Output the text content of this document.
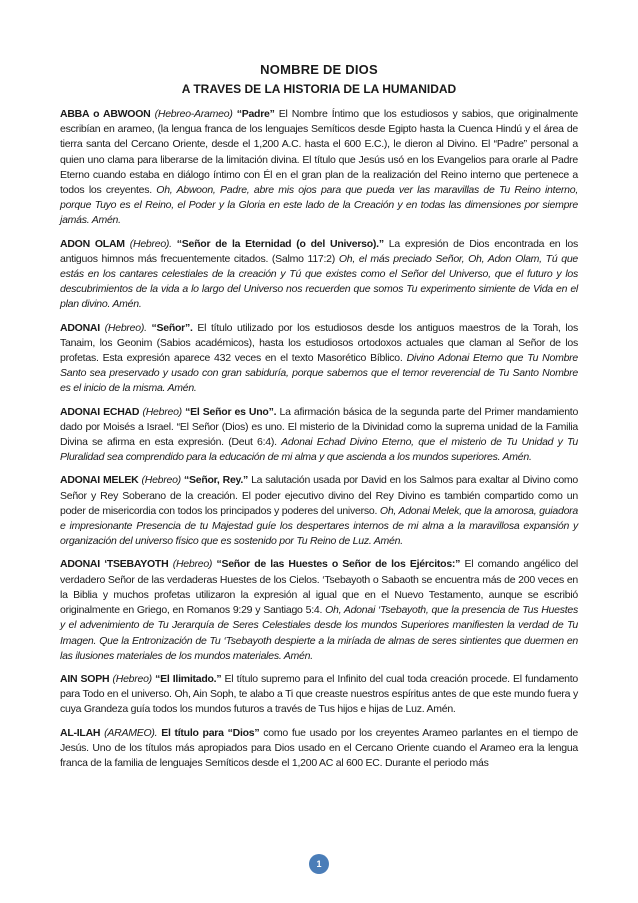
NOMBRE DE DIOS
A TRAVES DE LA HISTORIA DE LA HUMANIDAD

ABBA o ABWOON (Hebreo-Arameo) “Padre” El Nombre Íntimo que los estudiosos y sabios, que originalmente escribían en arameo, (la lengua franca de los lenguajes Semíticos desde Egipto hasta la Cuenca Hindú y el área de tierra santa del Cercano Oriente, desde el 1,200 A.C. hasta el 600 E.C.), le dieron al Divino. El “Padre” personal a quien uno clama para liberarse de la limitación divina. El título que Jesús usó en los Evangelios para orarle al Padre Eterno cuando estaba en diálogo íntimo con Él en el gran plan de la realización del Reino interno que pertenece a todos los creyentes. Oh, Abwoon, Padre, abre mis ojos para que pueda ver las maravillas de Tu Reino interno, porque Tuyo es el Reino, el Poder y la Gloria en este lado de la Creación y en todas las dimensiones por siempre jamás. Amén.

ADON OLAM (Hebreo). “Señor de la Eternidad (o del Universo).” La expresión de Dios encontrada en los antiguos himnos más frecuentemente citados. (Salmo 117:2) Oh, el más preciado Señor, Oh, Adon Olam, Tú que estás en los cantares celestiales de la creación y Tú que existes como el Señor del Universo, que el futuro y los descubrimientos de la vida a lo largo del Universo nos recuerden que somos Tu experimento simiente de Vida en el plan divino. Amén.

ADONAI (Hebreo). “Señor”. El título utilizado por los estudiosos desde los antiguos maestros de la Torah, los Tanaim, los Geonim (Sabios académicos), hasta los estudiosos ortodoxos actuales que claman al Señor de los profetas. Esta expresión aparece 432 veces en el texto Masorético Bíblico. Divino Adonai Eterno que Tu Nombre Santo sea preservado y usado con gran sabiduría, porque sabemos que el temor reverencial de Tu Santo Nombre es el inicio de la misma. Amén.

ADONAI ECHAD (Hebreo) “El Señor es Uno”. La afirmación básica de la segunda parte del Primer mandamiento dado por Moisés a Israel. “El Señor (Dios) es uno. El misterio de la Divinidad como la suprema unidad de la Familia Divina se afirma en esta expresión. (Deut 6:4). Adonai Echad Divino Eterno, que el misterio de Tu Unidad y Tu Pluralidad sea comprendido para la educación de mi alma y que ascienda a los mundos superiores. Amén.

ADONAI MELEK (Hebreo) “Señor, Rey.” La salutación usada por David en los Salmos para exaltar al Divino como Señor y Rey Soberano de la creación. El poder ejecutivo divino del Rey Divino es también compartido como un poder de misericordia con todos los principados y poderes del universo. Oh, Adonai Melek, que la amorosa, guiadora e impresionante Presencia de tu Majestad guíe los despertares internos de mi alma a la maravillosa expansión y organización del universo físico que es sostenido por Tu Reino de Luz. Amén.

ADONAI ‘TSEBAYOTH (Hebreo) “Señor de las Huestes o Señor de los Ejércitos:” El comando angélico del verdadero Señor de las verdaderas Huestes de los Cielos. ‘Tsebayoth o Sabaoth se encuentra más de 200 veces en la Biblia y muchos profetas utilizaron la expresión al igual que en el Nuevo Testamento, aunque se escribió originalmente en Griego, en Romanos 9:29 y Santiago 5:4. Oh, Adonai ‘Tsebayoth, que la presencia de Tus Huestes y el advenimiento de Tu Jerarquía de Seres Celestiales desde los mundos Superiores manifiesten la verdad de Tu Imagen. Que la Entronización de Tu ‘Tsebayoth despierte a la miríada de almas de seres sintientes que duermen en las ilusiones materiales de los mundos materiales. Amén.

AIN SOPH (Hebreo) “El Ilimitado.” El título supremo para el Infinito del cual toda creación procede. El fundamento para Todo en el universo. Oh, Ain Soph, te alabo a Ti que creaste nuestros espíritus antes de que este mundo fuera y cuya Grandeza guía todos los mundos futuros a través de Tus hijos e hijas de Luz. Amén.

AL-ILAH (ARAMEO). El título para “Dios” como fue usado por los creyentes Arameo parlantes en el tiempo de Jesús. Uno de los títulos más apropiados para Dios usado en el Cercano Oriente cuando el Arameo era la lengua franca de la familia de lenguajes Semíticos desde el 1,200 AC al 600 EC. Durante el periodo más

1
